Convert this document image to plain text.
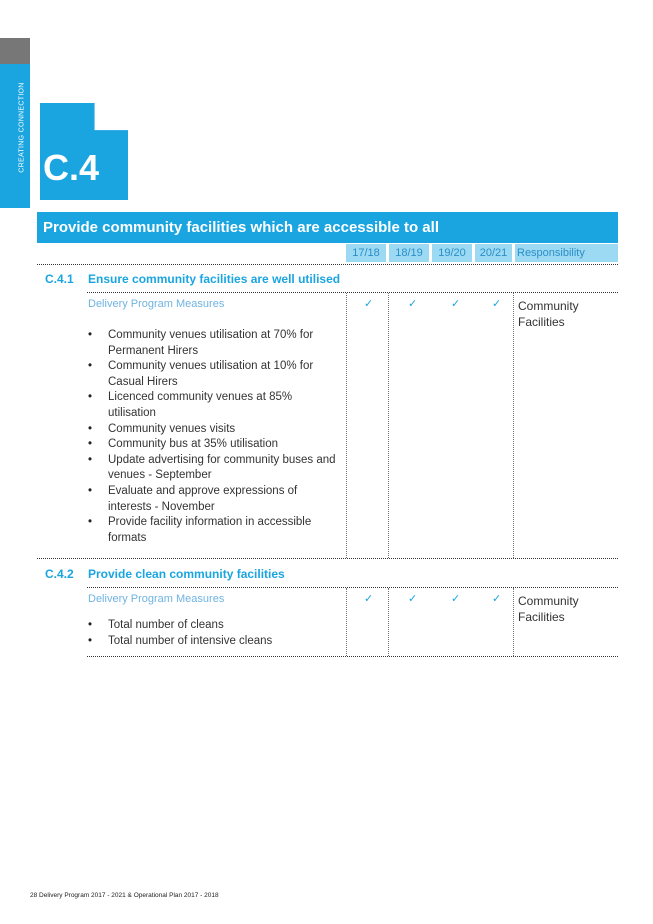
CREATING CONNECTION C.4
Provide community facilities which are accessible to all
17/18	18/19	19/20	20/21 Responsibility
C.4.1 Ensure community facilities are well utilised
Delivery Program Measures	✓	✓	✓	✓ Community Facilities
• Community venues utilisation at 70% for Permanent Hirers
• Community venues utilisation at 10% for Casual Hirers
• Licenced community venues at 85% utilisation
• Community venues visits
• Community bus at 35% utilisation
• Update advertising for community buses and venues - September
• Evaluate and approve expressions of interests - November
• Provide facility information in accessible formats
C.4.2 Provide clean community facilities
Delivery Program Measures	✓	✓	✓	✓ Community Facilities
• Total number of cleans
• Total number of intensive cleans
28 Delivery Program 2017 - 2021 & Operational Plan 2017 - 2018
